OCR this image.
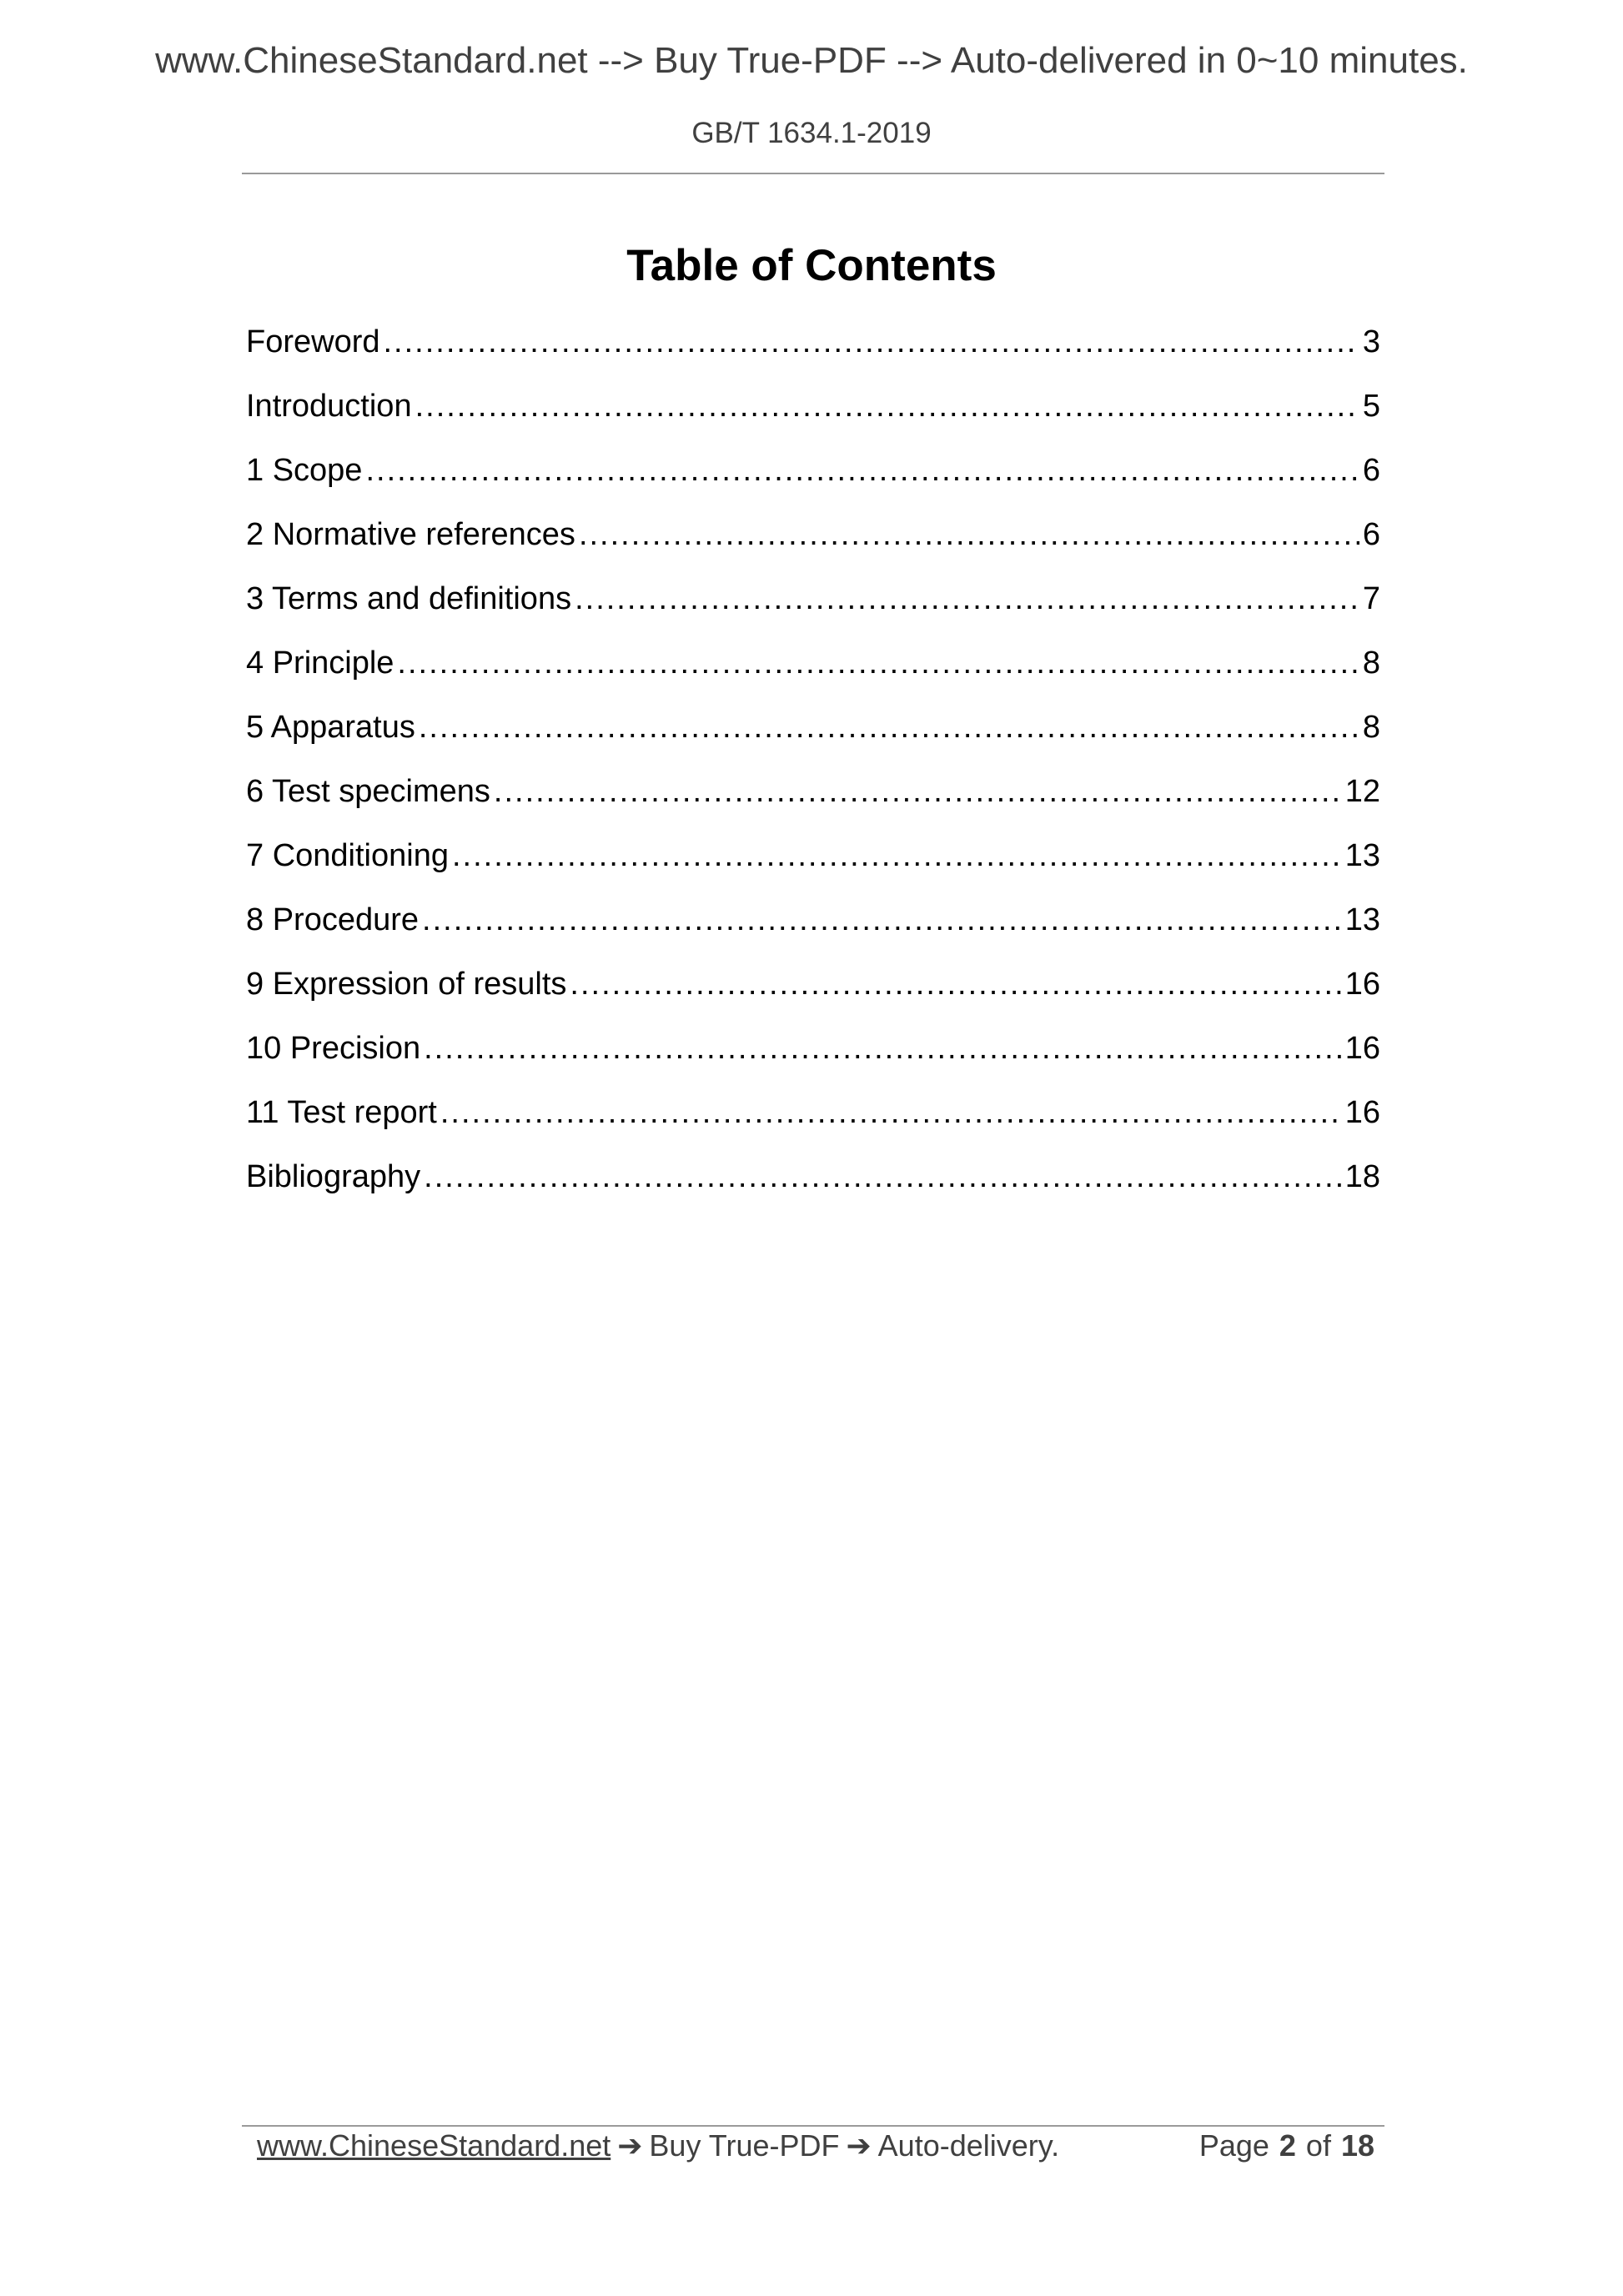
www.ChineseStandard.net --> Buy True-PDF --> Auto-delivered in 0~10 minutes.
GB/T 1634.1-2019
Table of Contents
Foreword .....	3
Introduction .....	5
1 Scope .....	6
2 Normative references .....	6
3 Terms and definitions .....	7
4 Principle .....	8
5 Apparatus .....	8
6 Test specimens .....	12
7 Conditioning .....	13
8 Procedure .....	13
9 Expression of results .....	16
10 Precision .....	16
11 Test report .....	16
Bibliography .....	18
www.ChineseStandard.net ➔ Buy True-PDF ➔ Auto-delivery.	Page 2 of 18
